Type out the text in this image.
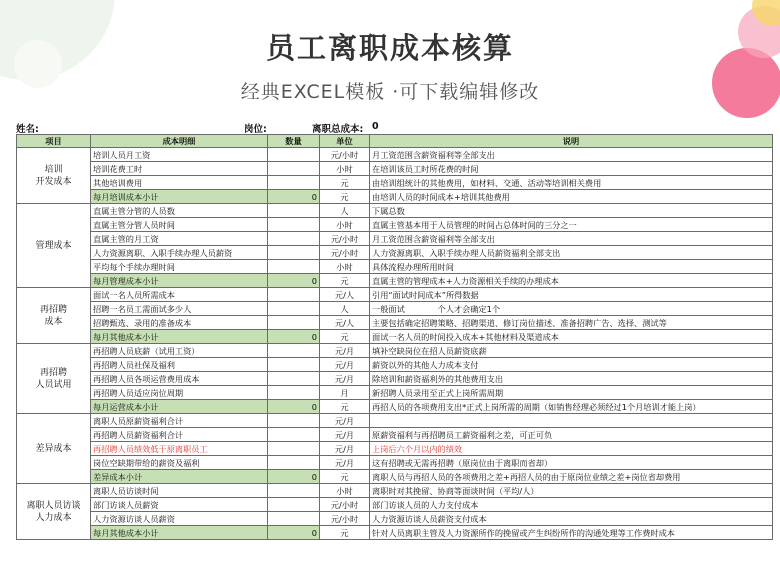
员工离职成本核算
经典EXCEL模板 ·可下载编辑修改
姓名:	岗位:	离职总成本: 0
项目	成本明细	数量	单位	说明
培训
开发成本	培训人员月工资		元/小时	月工资范围含薪资福利等全部支出
	培训花费工时		小时	在培训该员工时所花费的时间
	其他培训费用		元	由培训组统计的其他费用，如材料、交通、活动等培训相关费用
	每月培训成本小计	0	元	由培训人员的时间成本+培训其他费用
管理成本	直属主管分管的人员数		人	下属总数
	直属主管分管人员时间		小时	直属主管基本用于人员管理的时间占总体时间的三分之一
	直属主管的月工资		元/小时	月工资范围含薪资福利等全部支出
	人力资源离职、入职手续办理人员薪资		元/小时	人力资源离职、入职手续办理人员薪资福利全部支出
	平均每个手续办理时间		小时	具体流程办理所用时间
	每月管理成本小计	0	元	直属主管的管理成本+人力资源相关手续的办理成本
再招聘
成本	面试一名人员所需成本		元/人	引用“面试时间成本”所得数据
	招聘一名员工需面试多少人		人	一般面试　　　　个人才会确定1个
	招聘甄选、录用的准备成本		元/人	主要包括确定招聘策略、招聘渠道、修订岗位描述、准备招聘广告、选择、测试等
	每月其他成本小计	0	元	面试一名人员的时间投入成本+其他材料及渠道成本
再招聘
人员试用	再招聘人员底薪（试用工资）		元/月	填补空缺岗位在招人员薪资底薪
	再招聘人员社保及福利		元/月	薪资以外的其他人力成本支付
	再招聘人员各项运营费用成本		元/月	除培训和薪资福利外的其他费用支出
	再招聘人员适应岗位周期		月	新招聘人员录用至正式上岗所需周期
	每月运营成本小计	0	元	再招人员的各项费用支出*正式上岗所需的周期（如销售经理必须经过1个月培训才能上岗）
差异成本	离职人员原薪资福利合计		元/月	
	再招聘人员薪资福利合计		元/月	原薪资福利与再招聘员工薪资福利之差，可正可负
	再招聘人员绩效低于原离职员工		元/月	上岗后六个月以内的绩效
	岗位空缺期带给的薪资及福利		元/月	这有招聘或无需再招聘（原岗位由于离职而省却）
	差异成本小计	0	元	离职人员与再招人员的各项费用之差+再招人员的由于原岗位业绩之差+岗位省却费用
离职人员访谈
人力成本	离职人员访谈时间		小时	离职时对其挽留、协商等面谈时间（平均/人）
	部门访谈人员薪资		元/小时	部门访谈人员的人力支付成本
	人力资源访谈人员薪资		元/小时	人力资源访谈人员薪资支付成本
	每月其他成本小计	0	元	针对人员离职主管及人力资源所作的挽留或产生纠纷所作的沟通处理等工作费时成本
